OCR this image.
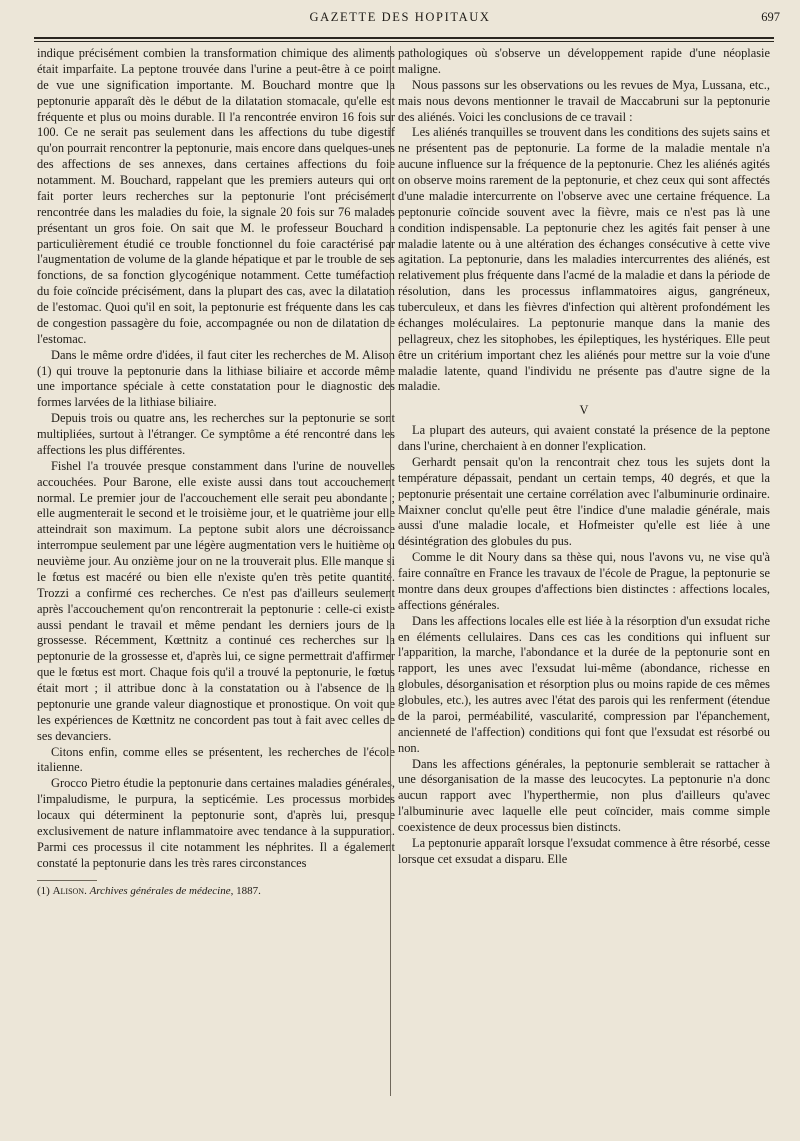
GAZETTE DES HOPITAUX	697

indique précisément combien la transformation chimique des aliments était imparfaite. La peptone trouvée dans l'urine a peut-être à ce point de vue une signification importante. M. Bouchard montre que la peptonurie apparaît dès le début de la dilatation stomacale, qu'elle est fréquente et plus ou moins durable. Il l'a rencontrée environ 16 fois sur 100. Ce ne serait pas seulement dans les affections du tube digestif qu'on pourrait rencontrer la peptonurie, mais encore dans quelques-unes des affections de ses annexes, dans certaines affections du foie notamment. M. Bouchard, rappelant que les premiers auteurs qui ont fait porter leurs recherches sur la peptonurie l'ont précisément rencontrée dans les maladies du foie, la signale 20 fois sur 76 malades présentant un gros foie. On sait que M. le professeur Bouchard a particulièrement étudié ce trouble fonctionnel du foie caractérisé par l'augmentation de volume de la glande hépatique et par le trouble de ses fonctions, de sa fonction glycogénique notamment. Cette tuméfaction du foie coïncide précisément, dans la plupart des cas, avec la dilatation de l'estomac. Quoi qu'il en soit, la peptonurie est fréquente dans les cas de congestion passagère du foie, accompagnée ou non de dilatation de l'estomac.

Dans le même ordre d'idées, il faut citer les recherches de M. Alison (1) qui trouve la peptonurie dans la lithiase biliaire et accorde même une importance spéciale à cette constatation pour le diagnostic des formes larvées de la lithiase biliaire.

Depuis trois ou quatre ans, les recherches sur la peptonurie se sont multipliées, surtout à l'étranger. Ce symptôme a été rencontré dans les affections les plus différentes.

Fishel l'a trouvée presque constamment dans l'urine de nouvelles accouchées. Pour Barone, elle existe aussi dans tout accouchement normal. Le premier jour de l'accouchement elle serait peu abondante ; elle augmenterait le second et le troisième jour, et le quatrième jour elle atteindrait son maximum. La peptone subit alors une décroissance interrompue seulement par une légère augmentation vers le huitième ou neuvième jour. Au onzième jour on ne la trouverait plus. Elle manque si le fœtus est macéré ou bien elle n'existe qu'en très petite quantité. Trozzi a confirmé ces recherches. Ce n'est pas d'ailleurs seulement après l'accouchement qu'on rencontrerait la peptonurie : celle-ci existe aussi pendant le travail et même pendant les derniers jours de la grossesse. Récemment, Kœttnitz a continué ces recherches sur la peptonurie de la grossesse et, d'après lui, ce signe permettrait d'affirmer que le fœtus est mort. Chaque fois qu'il a trouvé la peptonurie, le fœtus était mort ; il attribue donc à la constatation ou à l'absence de la peptonurie une grande valeur diagnostique et pronostique. On voit que les expériences de Kœttnitz ne concordent pas tout à fait avec celles de ses devanciers.

Citons enfin, comme elles se présentent, les recherches de l'école italienne.

Grocco Pietro étudie la peptonurie dans certaines maladies générales, l'impaludisme, le purpura, la septicémie. Les processus morbides locaux qui déterminent la peptonurie sont, d'après lui, presque exclusivement de nature inflammatoire avec tendance à la suppuration. Parmi ces processus il cite notamment les néphrites. Il a également constaté la peptonurie dans les très rares circonstances

(1) Alison. Archives générales de médecine, 1887.

pathologiques où s'observe un développement rapide d'une néoplasie maligne.

Nous passons sur les observations ou les revues de Mya, Lussana, etc., mais nous devons mentionner le travail de Maccabruni sur la peptonurie des aliénés. Voici les conclusions de ce travail :

Les aliénés tranquilles se trouvent dans les conditions des sujets sains et ne présentent pas de peptonurie. La forme de la maladie mentale n'a aucune influence sur la fréquence de la peptonurie. Chez les aliénés agités on observe moins rarement de la peptonurie, et chez ceux qui sont affectés d'une maladie intercurrente on l'observe avec une certaine fréquence. La peptonurie coïncide souvent avec la fièvre, mais ce n'est pas là une condition indispensable. La peptonurie chez les agités fait penser à une maladie latente ou à une altération des échanges consécutive à cette vive agitation. La peptonurie, dans les maladies intercurrentes des aliénés, est relativement plus fréquente dans l'acmé de la maladie et dans la période de résolution, dans les processus inflammatoires aigus, gangréneux, tuberculeux, et dans les fièvres d'infection qui altèrent profondément les échanges moléculaires. La peptonurie manque dans la manie des pellagreux, chez les sitophobes, les épileptiques, les hystériques. Elle peut être un critérium important chez les aliénés pour mettre sur la voie d'une maladie latente, quand l'individu ne présente pas d'autre signe de la maladie.

V

La plupart des auteurs, qui avaient constaté la présence de la peptone dans l'urine, cherchaient à en donner l'explication.

Gerhardt pensait qu'on la rencontrait chez tous les sujets dont la température dépassait, pendant un certain temps, 40 degrés, et que la peptonurie présentait une certaine corrélation avec l'albuminurie ordinaire. Maixner conclut qu'elle peut être l'indice d'une maladie générale, mais aussi d'une maladie locale, et Hofmeister qu'elle est liée à une désintégration des globules du pus.

Comme le dit Noury dans sa thèse qui, nous l'avons vu, ne vise qu'à faire connaître en France les travaux de l'école de Prague, la peptonurie se montre dans deux groupes d'affections bien distinctes : affections locales, affections générales.

Dans les affections locales elle est liée à la résorption d'un exsudat riche en éléments cellulaires. Dans ces cas les conditions qui influent sur l'apparition, la marche, l'abondance et la durée de la peptonurie sont en rapport, les unes avec l'exsudat lui-même (abondance, richesse en globules, désorganisation et résorption plus ou moins rapide de ces mêmes globules, etc.), les autres avec l'état des parois qui les renferment (étendue de la paroi, perméabilité, vascularité, compression par l'épanchement, ancienneté de l'affection) conditions qui font que l'exsudat est résorbé ou non.

Dans les affections générales, la peptonurie semblerait se rattacher à une désorganisation de la masse des leucocytes. La peptonurie n'a donc aucun rapport avec l'hyperthermie, non plus d'ailleurs qu'avec l'albuminurie avec laquelle elle peut coïncider, mais comme simple coexistence de deux processus bien distincts.

La peptonurie apparaît lorsque l'exsudat commence à être résorbé, cesse lorsque cet exsudat a disparu. Elle
